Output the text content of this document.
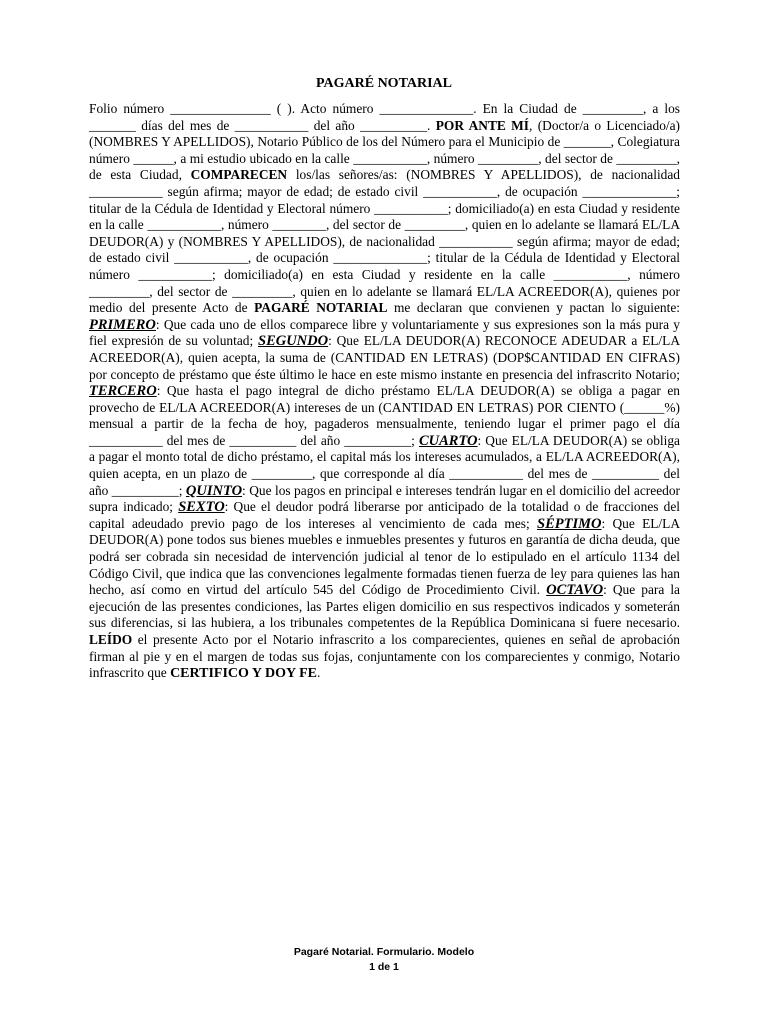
PAGARÉ NOTARIAL
Folio número _______________ ( ). Acto número ______________. En la Ciudad de _________, a los _______ días del mes de ___________ del año __________. POR ANTE MÍ, (Doctor/a o Licenciado/a) (NOMBRES Y APELLIDOS), Notario Público de los del Número para el Municipio de _______, Colegiatura número ______, a mi estudio ubicado en la calle ___________, número _________, del sector de _________, de esta Ciudad, COMPARECEN los/las señores/as: (NOMBRES Y APELLIDOS), de nacionalidad ___________ según afirma; mayor de edad; de estado civil ___________, de ocupación ______________; titular de la Cédula de Identidad y Electoral número ___________; domiciliado(a) en esta Ciudad y residente en la calle ___________, número ________, del sector de _________, quien en lo adelante se llamará EL/LA DEUDOR(A) y (NOMBRES Y APELLIDOS), de nacionalidad ___________ según afirma; mayor de edad; de estado civil ___________, de ocupación ______________; titular de la Cédula de Identidad y Electoral número ___________; domiciliado(a) en esta Ciudad y residente en la calle ___________, número _________, del sector de _________, quien en lo adelante se llamará EL/LA ACREEDOR(A), quienes por medio del presente Acto de PAGARÉ NOTARIAL me declaran que convienen y pactan lo siguiente: PRIMERO: Que cada uno de ellos comparece libre y voluntariamente y sus expresiones son la más pura y fiel expresión de su voluntad; SEGUNDO: Que EL/LA DEUDOR(A) RECONOCE ADEUDAR a EL/LA ACREEDOR(A), quien acepta, la suma de (CANTIDAD EN LETRAS) (DOP$CANTIDAD EN CIFRAS) por concepto de préstamo que éste último le hace en este mismo instante en presencia del infrascrito Notario; TERCERO: Que hasta el pago integral de dicho préstamo EL/LA DEUDOR(A) se obliga a pagar en provecho de EL/LA ACREEDOR(A) intereses de un (CANTIDAD EN LETRAS) POR CIENTO (______%) mensual a partir de la fecha de hoy, pagaderos mensualmente, teniendo lugar el primer pago el día ___________ del mes de __________ del año __________; CUARTO: Que EL/LA DEUDOR(A) se obliga a pagar el monto total de dicho préstamo, el capital más los intereses acumulados, a EL/LA ACREEDOR(A), quien acepta, en un plazo de _________, que corresponde al día ___________ del mes de __________ del año __________; QUINTO: Que los pagos en principal e intereses tendrán lugar en el domicilio del acreedor supra indicado; SEXTO: Que el deudor podrá liberarse por anticipado de la totalidad o de fracciones del capital adeudado previo pago de los intereses al vencimiento de cada mes; SÉPTIMO: Que EL/LA DEUDOR(A) pone todos sus bienes muebles e inmuebles presentes y futuros en garantía de dicha deuda, que podrá ser cobrada sin necesidad de intervención judicial al tenor de lo estipulado en el artículo 1134 del Código Civil, que indica que las convenciones legalmente formadas tienen fuerza de ley para quienes las han hecho, así como en virtud del artículo 545 del Código de Procedimiento Civil. OCTAVO: Que para la ejecución de las presentes condiciones, las Partes eligen domicilio en sus respectivos indicados y someterán sus diferencias, si las hubiera, a los tribunales competentes de la República Dominicana si fuere necesario. LEÍDO el presente Acto por el Notario infrascrito a los comparecientes, quienes en señal de aprobación firman al pie y en el margen de todas sus fojas, conjuntamente con los comparecientes y conmigo, Notario infrascrito que CERTIFICO Y DOY FE.
Pagaré Notarial. Formulario. Modelo
1 de 1
